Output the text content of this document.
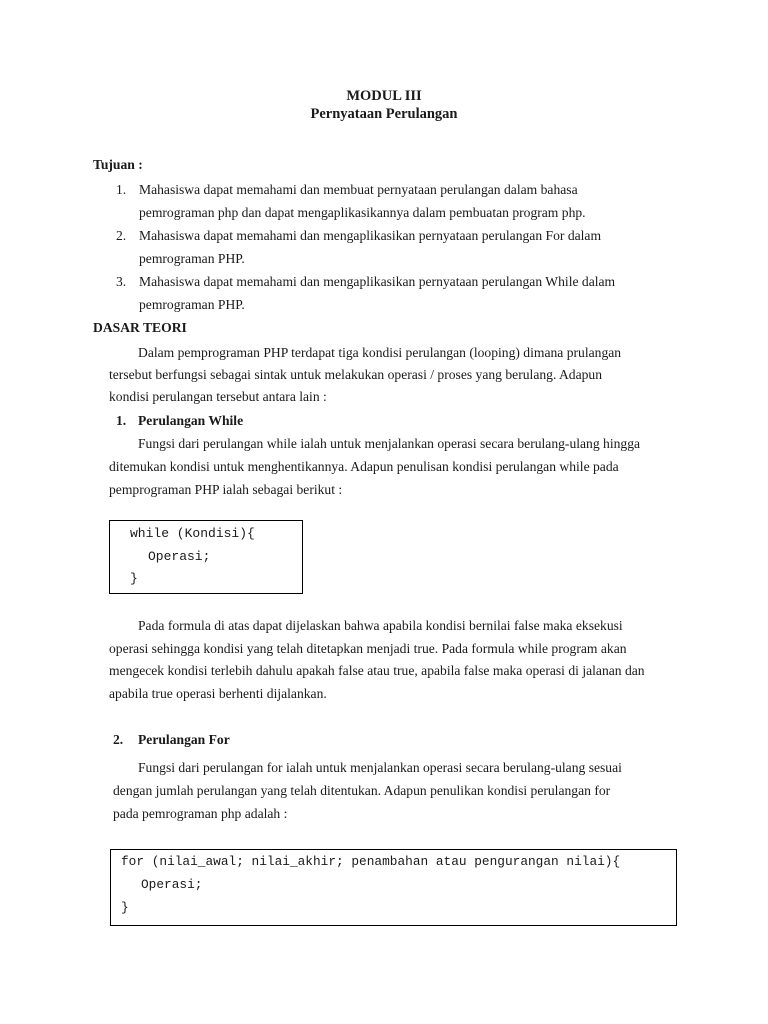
MODUL III
Pernyataan Perulangan
Tujuan :
1. Mahasiswa dapat memahami dan membuat pernyataan perulangan dalam bahasa
pemrograman php dan dapat mengaplikasikannya dalam pembuatan program php.
2. Mahasiswa dapat memahami dan mengaplikasikan pernyataan perulangan For dalam
pemrograman PHP.
3. Mahasiswa dapat memahami dan mengaplikasikan pernyataan perulangan While dalam
pemrograman PHP.
DASAR TEORI
Dalam pemprograman PHP terdapat tiga kondisi perulangan (looping) dimana prulangan
tersebut berfungsi sebagai sintak untuk melakukan operasi / proses yang berulang. Adapun
kondisi perulangan tersebut antara lain :
1. Perulangan While
Fungsi dari perulangan while ialah untuk menjalankan operasi secara berulang-ulang hingga
ditemukan kondisi untuk menghentikannya. Adapun penulisan kondisi perulangan while pada
pemprograman PHP ialah sebagai berikut :
while (Kondisi){
Operasi;
}
Pada formula di atas dapat dijelaskan bahwa apabila kondisi bernilai false maka eksekusi
operasi sehingga kondisi yang telah ditetapkan menjadi true. Pada formula while program akan
mengecek kondisi terlebih dahulu apakah false atau true, apabila false maka operasi di jalanan dan
apabila true operasi berhenti dijalankan.
2. Perulangan For
Fungsi dari perulangan for ialah untuk menjalankan operasi secara berulang-ulang sesuai
dengan jumlah perulangan yang telah ditentukan. Adapun penulikan kondisi perulangan for
pada pemrograman php adalah :
for (nilai_awal; nilai_akhir; penambahan atau pengurangan nilai){
Operasi;
}
